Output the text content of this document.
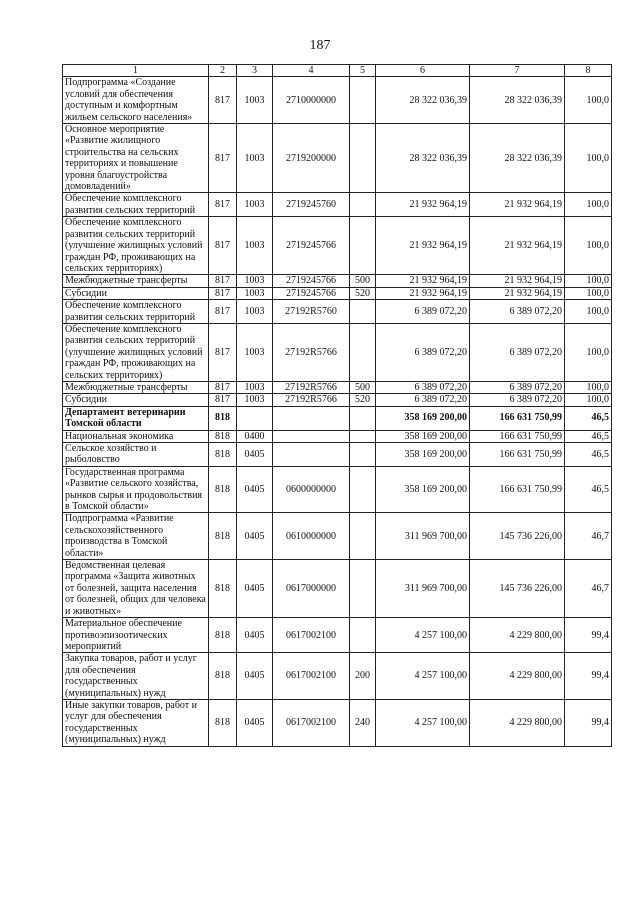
187
1	2	3	4	5	6	7	8
Подпрограмма «Создание условий для обеспечения доступным и комфортным жильем сельского населения»	817	1003	2710000000		28 322 036,39	28 322 036,39	100,0
Основное мероприятие «Развитие жилищного строительства на сельских территориях и повышение уровня благоустройства домовладений»	817	1003	2719200000		28 322 036,39	28 322 036,39	100,0
Обеспечение комплексного развития сельских территорий	817	1003	2719245760		21 932 964,19	21 932 964,19	100,0
Обеспечение комплексного развития сельских территорий (улучшение жилищных условий граждан РФ, проживающих на сельских территориях)	817	1003	2719245766		21 932 964,19	21 932 964,19	100,0
Межбюджетные трансферты	817	1003	2719245766	500	21 932 964,19	21 932 964,19	100,0
Субсидии	817	1003	2719245766	520	21 932 964,19	21 932 964,19	100,0
Обеспечение комплексного развития сельских территорий	817	1003	27192R5760		6 389 072,20	6 389 072,20	100,0
Обеспечение комплексного развития сельских территорий (улучшение жилищных условий граждан РФ, проживающих на сельских территориях)	817	1003	27192R5766		6 389 072,20	6 389 072,20	100,0
Межбюджетные трансферты	817	1003	27192R5766	500	6 389 072,20	6 389 072,20	100,0
Субсидии	817	1003	27192R5766	520	6 389 072,20	6 389 072,20	100,0
Департамент ветеринарии Томской области	818				358 169 200,00	166 631 750,99	46,5
Национальная экономика	818	0400			358 169 200,00	166 631 750,99	46,5
Сельское хозяйство и рыболовство	818	0405			358 169 200,00	166 631 750,99	46,5
Государственная программа «Развитие сельского хозяйства, рынков сырья и продовольствия в Томской области»	818	0405	0600000000		358 169 200,00	166 631 750,99	46,5
Подпрограмма «Развитие сельскохозяйственного производства в Томской области»	818	0405	0610000000		311 969 700,00	145 736 226,00	46,7
Ведомственная целевая программа «Защита животных от болезней, защита населения от болезней, общих для человека и животных»	818	0405	0617000000		311 969 700,00	145 736 226,00	46,7
Материальное обеспечение противоэпизоотических мероприятий	818	0405	0617002100		4 257 100,00	4 229 800,00	99,4
Закупка товаров, работ и услуг для обеспечения государственных (муниципальных) нужд	818	0405	0617002100	200	4 257 100,00	4 229 800,00	99,4
Иные закупки товаров, работ и услуг для обеспечения государственных (муниципальных) нужд	818	0405	0617002100	240	4 257 100,00	4 229 800,00	99,4
